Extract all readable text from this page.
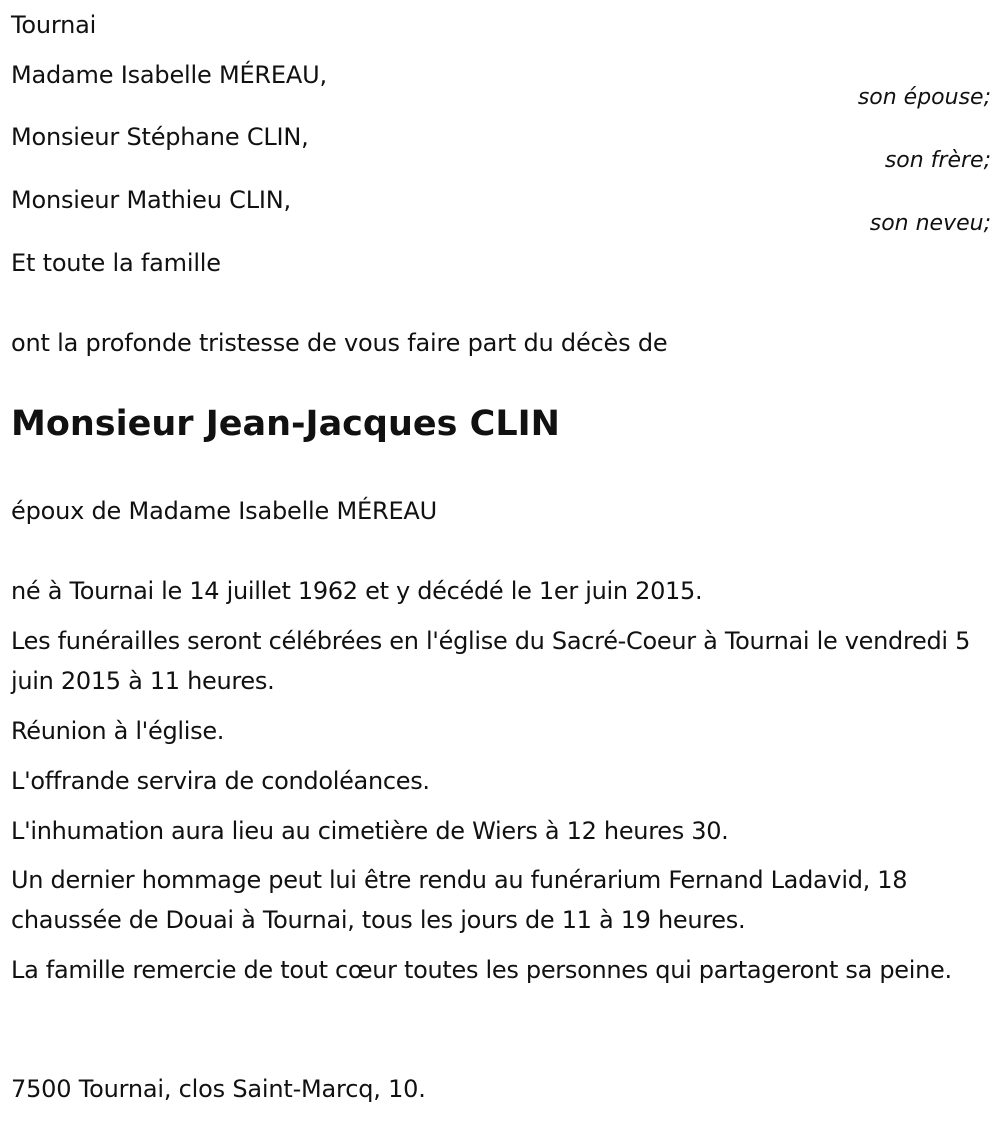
Tournai
Madame Isabelle MÉREAU,
son épouse;
Monsieur Stéphane CLIN,
son frère;
Monsieur Mathieu CLIN,
son neveu;
Et toute la famille
ont la profonde tristesse de vous faire part du décès de
Monsieur Jean-Jacques CLIN
époux de Madame Isabelle MÉREAU
né à Tournai le 14 juillet 1962 et y décédé le 1er juin 2015.
Les funérailles seront célébrées en l'église du Sacré-Coeur à Tournai le vendredi 5 juin 2015 à 11 heures.
Réunion à l'église.
L'offrande servira de condoléances.
L'inhumation aura lieu au cimetière de Wiers à 12 heures 30.
Un dernier hommage peut lui être rendu au funérarium Fernand Ladavid, 18 chaussée de Douai à Tournai, tous les jours de 11 à 19 heures.
La famille remercie de tout cœur toutes les personnes qui partageront sa peine.
7500 Tournai, clos Saint-Marcq, 10.
